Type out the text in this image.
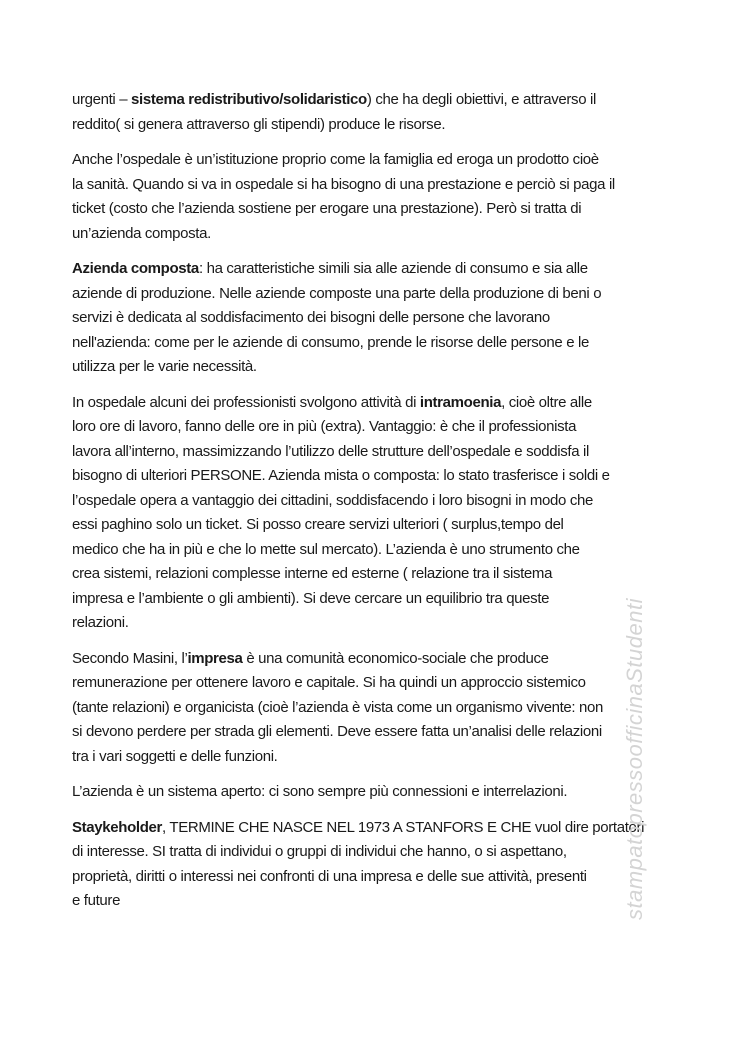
urgenti – sistema redistributivo/solidaristico) che ha degli obiettivi, e attraverso il
reddito( si genera attraverso gli stipendi) produce le risorse.
Anche l’ospedale è un’istituzione proprio come la famiglia ed eroga un prodotto cioè
la sanità. Quando si va in ospedale si ha bisogno di una prestazione e perciò si paga il
ticket (costo che l’azienda sostiene per erogare una prestazione). Però si tratta di
un’azienda composta.
Azienda composta: ha caratteristiche simili sia alle aziende di consumo e sia alle
aziende di produzione. Nelle aziende composte una parte della produzione di beni o
servizi è dedicata al soddisfacimento dei bisogni delle persone che lavorano
nell'azienda: come per le aziende di consumo, prende le risorse delle persone e le
utilizza per le varie necessità.
In ospedale alcuni dei professionisti svolgono attività di intramoenia, cioè oltre alle
loro ore di lavoro, fanno delle ore in più (extra). Vantaggio: è che il professionista
lavora all’interno, massimizzando l’utilizzo delle strutture dell’ospedale e soddisfa il
bisogno di ulteriori PERSONE. Azienda mista o composta: lo stato trasferisce i soldi e
l’ospedale opera a vantaggio dei cittadini, soddisfacendo i loro bisogni in modo che
essi paghino solo un ticket. Si posso creare servizi ulteriori ( surplus,tempo del
medico che ha in più e che lo mette sul mercato). L’azienda è uno strumento che
crea sistemi, relazioni complesse interne ed esterne ( relazione tra il sistema
impresa e l’ambiente o gli ambienti). Si deve cercare un equilibrio tra queste
relazioni.
Secondo Masini, l’impresa è una comunità economico-sociale che produce
remunerazione per ottenere lavoro e capitale. Si ha quindi un approccio sistemico
(tante relazioni) e organicista (cioè l’azienda è vista come un organismo vivente: non
si devono perdere per strada gli elementi. Deve essere fatta un’analisi delle relazioni
tra i vari soggetti e delle funzioni.
L’azienda è un sistema aperto: ci sono sempre più connessioni e interrelazioni.
Staykeholder, TERMINE CHE NASCE NEL 1973 A STANFORS E CHE vuol dire portatori
di interesse. SI tratta di individui o gruppi di individui che hanno, o si aspettano,
proprietà, diritti o interessi nei confronti di una impresa e delle sue attività, presenti
e future	stampatopressoofficinaStudenti
